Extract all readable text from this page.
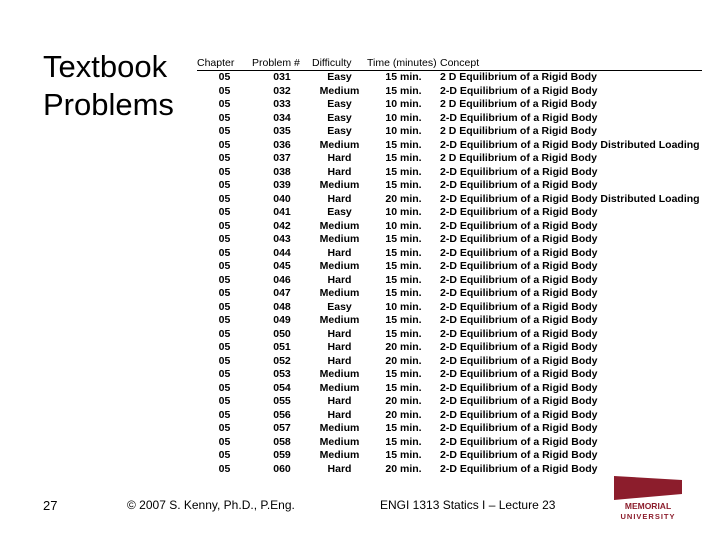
Textbook
Problems
Chapter	Problem #	Difficulty	Time (minutes)	Concept
05	031	Easy	15 min.	2 D Equilibrium of a Rigid Body
05	032	Medium	15 min.	2-D Equilibrium of a Rigid Body
05	033	Easy	10 min.	2 D Equilibrium of a Rigid Body
05	034	Easy	10 min.	2-D Equilibrium of a Rigid Body
05	035	Easy	10 min.	2 D Equilibrium of a Rigid Body
05	036	Medium	15 min.	2-D Equilibrium of a Rigid Body Distributed Loading
05	037	Hard	15 min.	2 D Equilibrium of a Rigid Body
05	038	Hard	15 min.	2-D Equilibrium of a Rigid Body
05	039	Medium	15 min.	2-D Equilibrium of a Rigid Body
05	040	Hard	20 min.	2-D Equilibrium of a Rigid Body Distributed Loading
05	041	Easy	10 min.	2-D Equilibrium of a Rigid Body
05	042	Medium	10 min.	2-D Equilibrium of a Rigid Body
05	043	Medium	15 min.	2-D Equilibrium of a Rigid Body
05	044	Hard	15 min.	2-D Equilibrium of a Rigid Body
05	045	Medium	15 min.	2-D Equilibrium of a Rigid Body
05	046	Hard	15 min.	2-D Equilibrium of a Rigid Body
05	047	Medium	15 min.	2-D Equilibrium of a Rigid Body
05	048	Easy	10 min.	2-D Equilibrium of a Rigid Body
05	049	Medium	15 min.	2-D Equilibrium of a Rigid Body
05	050	Hard	15 min.	2-D Equilibrium of a Rigid Body
05	051	Hard	20 min.	2-D Equilibrium of a Rigid Body
05	052	Hard	20 min.	2-D Equilibrium of a Rigid Body
05	053	Medium	15 min.	2-D Equilibrium of a Rigid Body
05	054	Medium	15 min.	2-D Equilibrium of a Rigid Body
05	055	Hard	20 min.	2-D Equilibrium of a Rigid Body
05	056	Hard	20 min.	2-D Equilibrium of a Rigid Body
05	057	Medium	15 min.	2-D Equilibrium of a Rigid Body
05	058	Medium	15 min.	2-D Equilibrium of a Rigid Body
05	059	Medium	15 min.	2-D Equilibrium of a Rigid Body
05	060	Hard	20 min.	2-D Equilibrium of a Rigid Body
27	© 2007 S. Kenny, Ph.D., P.Eng.	ENGI 1313 Statics I – Lecture 23	MEMORIAL
UNIVERSITY
